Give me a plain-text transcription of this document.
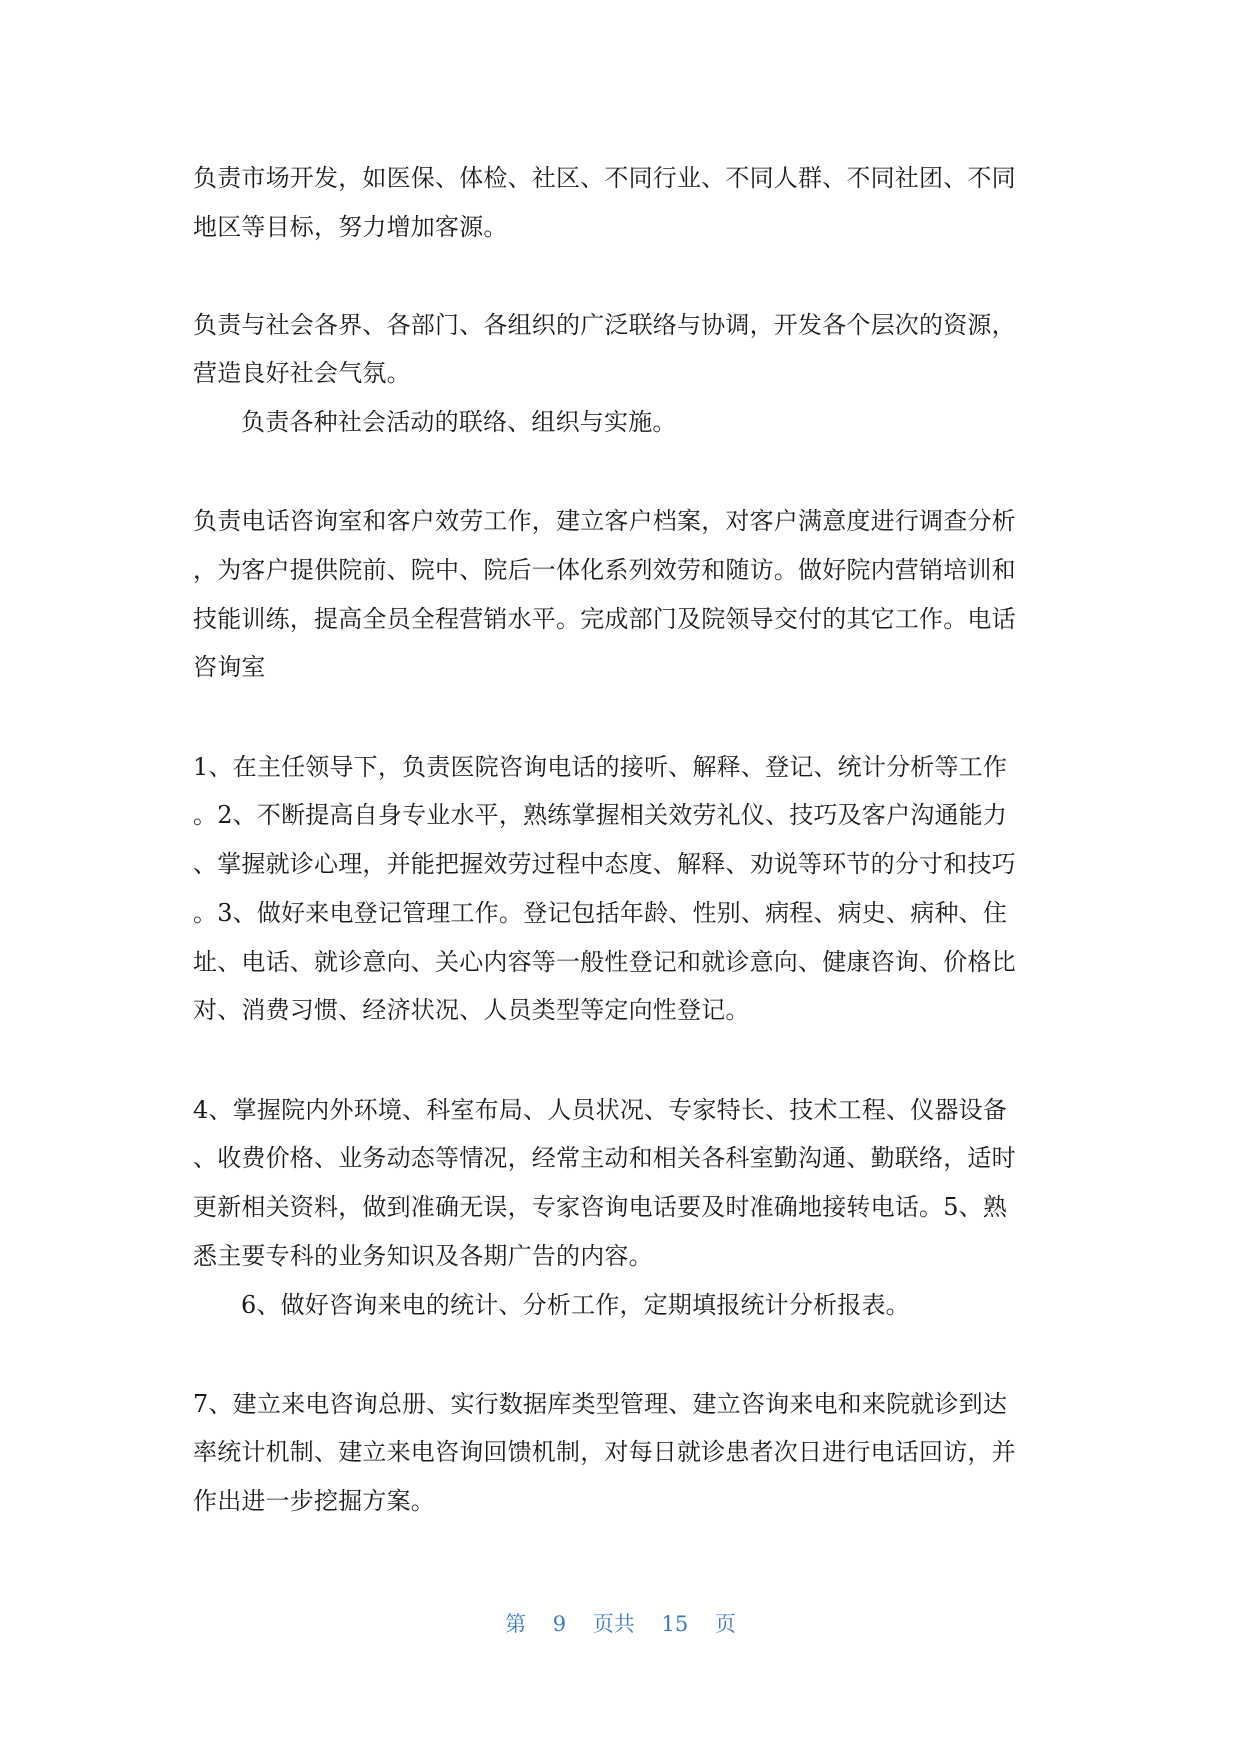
负责市场开发，如医保、体检、社区、不同行业、不同人群、不同社团、不同
地区等目标，努力增加客源。
负责与社会各界、各部门、各组织的广泛联络与协调，开发各个层次的资源，
营造良好社会气氛。
负责各种社会活动的联络、组织与实施。
负责电话咨询室和客户效劳工作，建立客户档案，对客户满意度进行调查分析
，为客户提供院前、院中、院后一体化系列效劳和随访。做好院内营销培训和
技能训练，提高全员全程营销水平。完成部门及院领导交付的其它工作。电话
咨询室
1、在主任领导下，负责医院咨询电话的接听、解释、登记、统计分析等工作
。2、不断提高自身专业水平，熟练掌握相关效劳礼仪、技巧及客户沟通能力
、掌握就诊心理，并能把握效劳过程中态度、解释、劝说等环节的分寸和技巧
。3、做好来电登记管理工作。登记包括年龄、性别、病程、病史、病种、住
址、电话、就诊意向、关心内容等一般性登记和就诊意向、健康咨询、价格比
对、消费习惯、经济状况、人员类型等定向性登记。
4、掌握院内外环境、科室布局、人员状况、专家特长、技术工程、仪器设备
、收费价格、业务动态等情况，经常主动和相关各科室勤沟通、勤联络，适时
更新相关资料，做到准确无误，专家咨询电话要及时准确地接转电话。5、熟
悉主要专科的业务知识及各期广告的内容。
6、做好咨询来电的统计、分析工作，定期填报统计分析报表。
7、建立来电咨询总册、实行数据库类型管理、建立咨询来电和来院就诊到达
率统计机制、建立来电咨询回馈机制，对每日就诊患者次日进行电话回访，并
作出进一步挖掘方案。
第 9 页共 15 页
